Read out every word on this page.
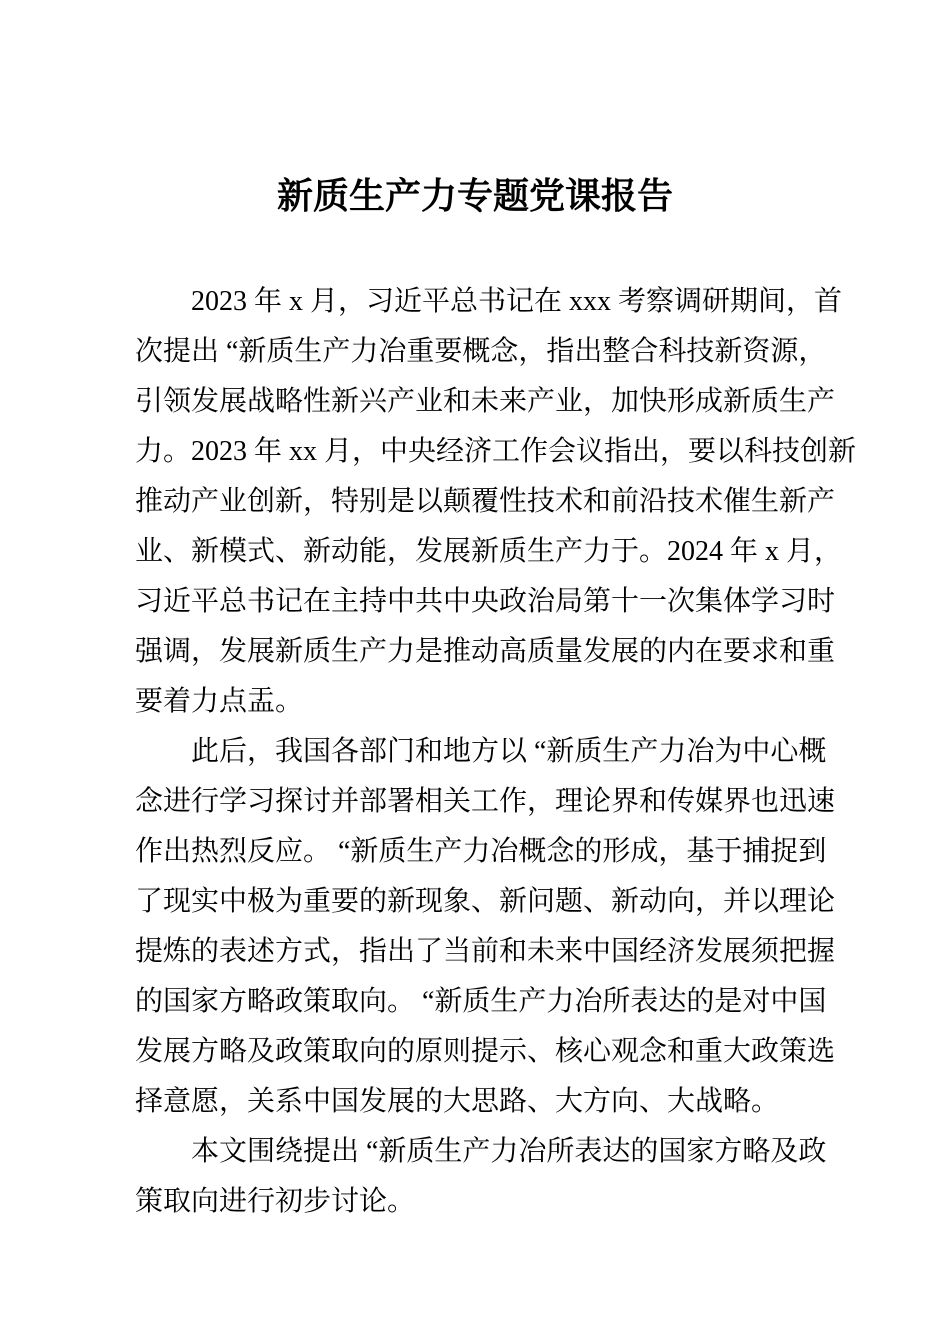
新质生产力专题党课报告

2023 年 x 月，习近平总书记在 xxx 考察调研期间，首
次提出 “新质生产力冶重要概念，指出整合科技新资源，
引领发展战略性新兴产业和未来产业，加快形成新质生产
力。2023 年 xx 月，中央经济工作会议指出，要以科技创新
推动产业创新，特别是以颠覆性技术和前沿技术催生新产
业、新模式、新动能，发展新质生产力于。2024 年 x 月，
习近平总书记在主持中共中央政治局第十一次集体学习时
强调，发展新质生产力是推动高质量发展的内在要求和重
要着力点盂。

此后，我国各部门和地方以 “新质生产力冶为中心概
念进行学习探讨并部署相关工作，理论界和传媒界也迅速
作出热烈反应。 “新质生产力冶概念的形成，基于捕捉到
了现实中极为重要的新现象、新问题、新动向，并以理论
提炼的表述方式，指出了当前和未来中国经济发展须把握
的国家方略政策取向。 “新质生产力冶所表达的是对中国
发展方略及政策取向的原则提示、核心观念和重大政策选
择意愿，关系中国发展的大思路、大方向、大战略。

本文围绕提出 “新质生产力冶所表达的国家方略及政
策取向进行初步讨论。
